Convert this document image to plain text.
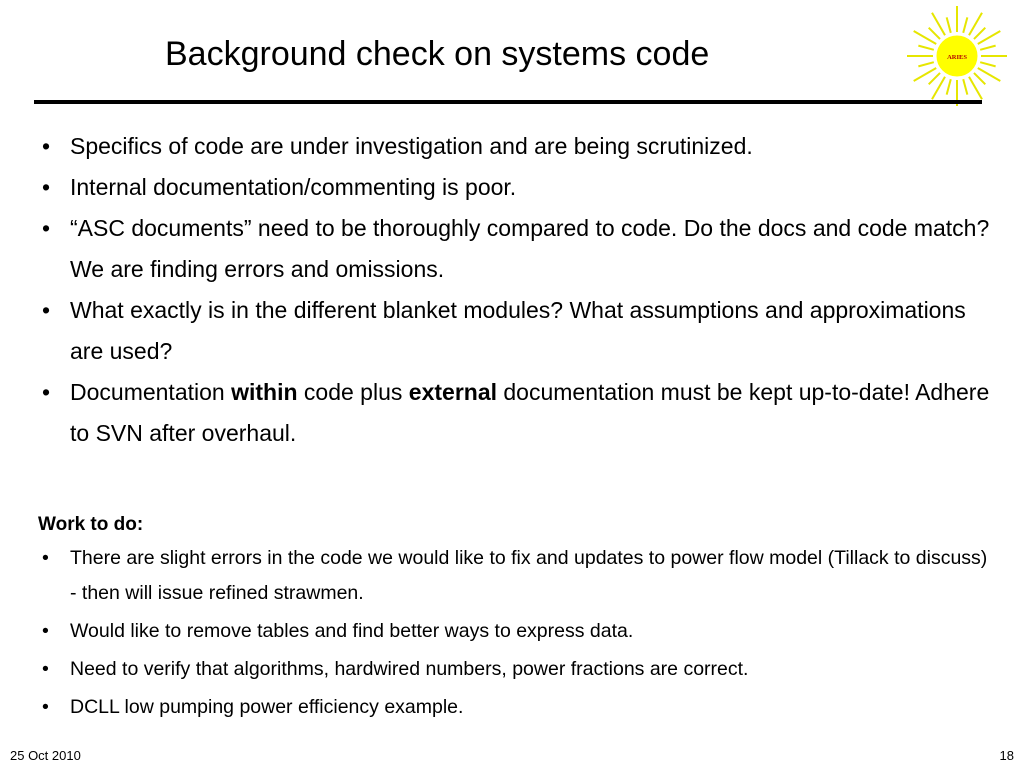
Background check on systems code	ARIES
• Specifics of code are under investigation and are being scrutinized.
• Internal documentation/commenting is poor.
• “ASC documents” need to be thoroughly compared to code. Do the docs and code match? We are finding errors and omissions.
• What exactly is in the different blanket modules? What assumptions and approximations are used?
• Documentation within code plus external documentation must be kept up-to-date! Adhere to SVN after overhaul.
Work to do:
• There are slight errors in the code we would like to fix and updates to power flow model (Tillack to discuss) - then will issue refined strawmen.
• Would like to remove tables and find better ways to express data.
• Need to verify that algorithms, hardwired numbers, power fractions are correct.
• DCLL low pumping power efficiency example.
25 Oct 2010	18
